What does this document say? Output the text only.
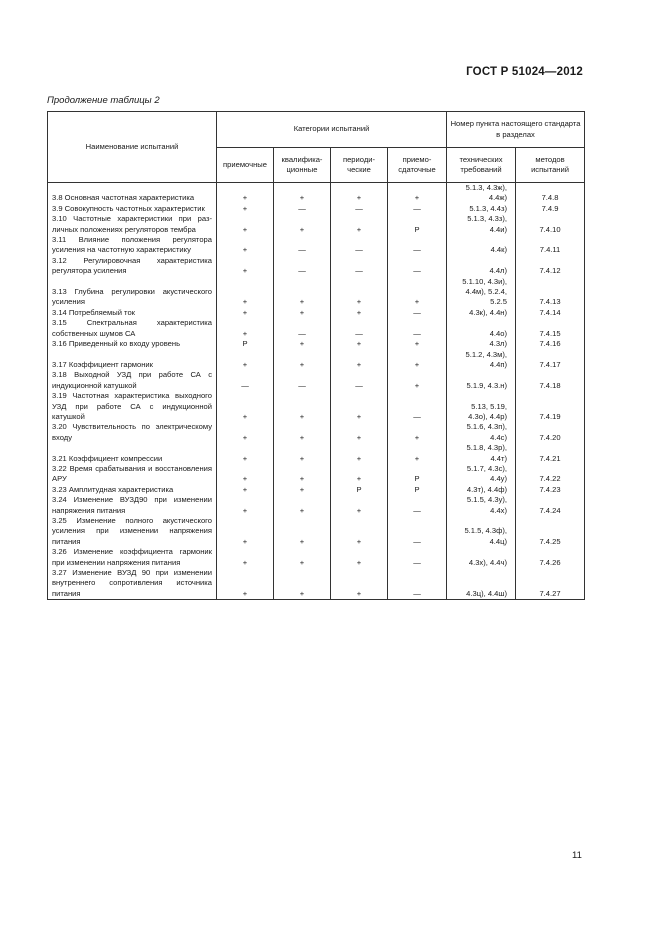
ГОСТ Р 51024—2012
Продолжение таблицы 2
Наименование испытаний	Категории испытаний				Номер пункта настоящего стандарта в разделах	
	приемочные	квалифика-ционные	периоди-ческие	приемо-сдаточные	технических требований	методов испытаний
3.8 Основная частотная характеристика	+	+	+	+	5.1.3, 4.3ж), 4.4ж)	7.4.8
3.9 Совокупность частотных характеристик	+	—	—	—	5.1.3, 4.4з)	7.4.9
3.10 Частотные характеристики при раз-личных положениях регуляторов тембра	+	+	+	Р	5.1.3, 4.3з), 4.4и)	7.4.10
3.11 Влияние положения регулятора усиления на частотную характеристику	+	—	—	—	4.4к)	7.4.11
3.12 Регулировочная характеристика регулятора усиления	+	—	—	—	4.4л)	7.4.12
3.13 Глубина регулировки акустического усиления	+	+	+	+	5.1.10, 4.3и), 4.4м), 5.2.4, 5.2.5	7.4.13
3.14 Потребляемый ток	+	+	+	—	4.3к), 4.4н)	7.4.14
3.15 Спектральная характеристика собственных шумов СА	+	—	—	—	4.4о)	7.4.15
3.16 Приведенный ко входу уровень	Р	+	+	+	4.3л)	7.4.16
3.17 Коэффициент гармоник	+	+	+	+	5.1.2, 4.3м), 4.4п)	7.4.17
3.18 Выходной УЗД при работе СА с индукционной катушкой	—	—	—	+	5.1.9, 4.3.н)	7.4.18
3.19 Частотная характеристика выходного УЗД при работе СА с индукционной катушкой	+	+	+	—	5.13, 5.19, 4.3о), 4.4р)	7.4.19
3.20 Чувствительность по электрическому входу	+	+	+	+	5.1.6, 4.3п), 4.4с)	7.4.20
3.21 Коэффициент компрессии	+	+	+	+	5.1.8, 4.3р), 4.4т)	7.4.21
3.22 Время срабатывания и восстановления АРУ	+	+	+	Р	5.1.7, 4.3с), 4.4у)	7.4.22
3.23 Амплитудная характеристика	+	+	Р	Р	4.3т), 4.4ф)	7.4.23
3.24 Изменение ВУЗД90 при изменении напряжения питания	+	+	+	—	5.1.5, 4.3у), 4.4х)	7.4.24
3.25 Изменение полного акустического усиления при изменении напряжения питания	+	+	+	—	5.1.5, 4.3ф), 4.4ц)	7.4.25
3.26 Изменение коэффициента гармоник при изменении напряжения питания	+	+	+	—	4.3х), 4.4ч)	7.4.26
3.27 Изменение ВУЗД 90 при изменении внутреннего сопротивления источника питания	+	+	+	—	4.3ц), 4.4ш)	7.4.27
11
